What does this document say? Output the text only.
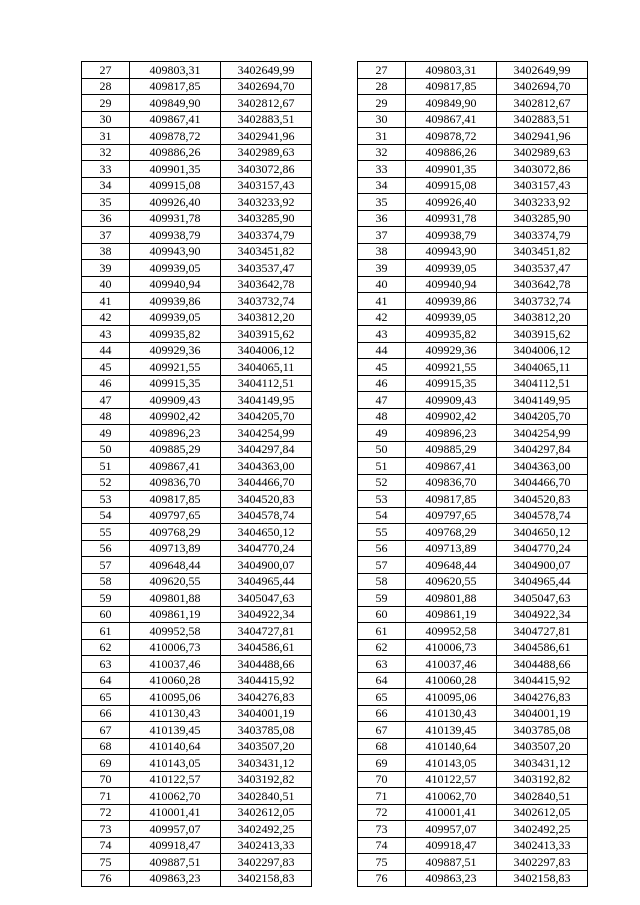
27	409803,31	3402649,99		27	409803,31	3402649,99
28	409817,85	3402694,70		28	409817,85	3402694,70
29	409849,90	3402812,67		29	409849,90	3402812,67
30	409867,41	3402883,51		30	409867,41	3402883,51
31	409878,72	3402941,96		31	409878,72	3402941,96
32	409886,26	3402989,63		32	409886,26	3402989,63
33	409901,35	3403072,86		33	409901,35	3403072,86
34	409915,08	3403157,43		34	409915,08	3403157,43
35	409926,40	3403233,92		35	409926,40	3403233,92
36	409931,78	3403285,90		36	409931,78	3403285,90
37	409938,79	3403374,79		37	409938,79	3403374,79
38	409943,90	3403451,82		38	409943,90	3403451,82
39	409939,05	3403537,47		39	409939,05	3403537,47
40	409940,94	3403642,78		40	409940,94	3403642,78
41	409939,86	3403732,74		41	409939,86	3403732,74
42	409939,05	3403812,20		42	409939,05	3403812,20
43	409935,82	3403915,62		43	409935,82	3403915,62
44	409929,36	3404006,12		44	409929,36	3404006,12
45	409921,55	3404065,11		45	409921,55	3404065,11
46	409915,35	3404112,51		46	409915,35	3404112,51
47	409909,43	3404149,95		47	409909,43	3404149,95
48	409902,42	3404205,70		48	409902,42	3404205,70
49	409896,23	3404254,99		49	409896,23	3404254,99
50	409885,29	3404297,84		50	409885,29	3404297,84
51	409867,41	3404363,00		51	409867,41	3404363,00
52	409836,70	3404466,70		52	409836,70	3404466,70
53	409817,85	3404520,83		53	409817,85	3404520,83
54	409797,65	3404578,74		54	409797,65	3404578,74
55	409768,29	3404650,12		55	409768,29	3404650,12
56	409713,89	3404770,24		56	409713,89	3404770,24
57	409648,44	3404900,07		57	409648,44	3404900,07
58	409620,55	3404965,44		58	409620,55	3404965,44
59	409801,88	3405047,63		59	409801,88	3405047,63
60	409861,19	3404922,34		60	409861,19	3404922,34
61	409952,58	3404727,81		61	409952,58	3404727,81
62	410006,73	3404586,61		62	410006,73	3404586,61
63	410037,46	3404488,66		63	410037,46	3404488,66
64	410060,28	3404415,92		64	410060,28	3404415,92
65	410095,06	3404276,83		65	410095,06	3404276,83
66	410130,43	3404001,19		66	410130,43	3404001,19
67	410139,45	3403785,08		67	410139,45	3403785,08
68	410140,64	3403507,20		68	410140,64	3403507,20
69	410143,05	3403431,12		69	410143,05	3403431,12
70	410122,57	3403192,82		70	410122,57	3403192,82
71	410062,70	3402840,51		71	410062,70	3402840,51
72	410001,41	3402612,05		72	410001,41	3402612,05
73	409957,07	3402492,25		73	409957,07	3402492,25
74	409918,47	3402413,33		74	409918,47	3402413,33
75	409887,51	3402297,83		75	409887,51	3402297,83
76	409863,23	3402158,83		76	409863,23	3402158,83
